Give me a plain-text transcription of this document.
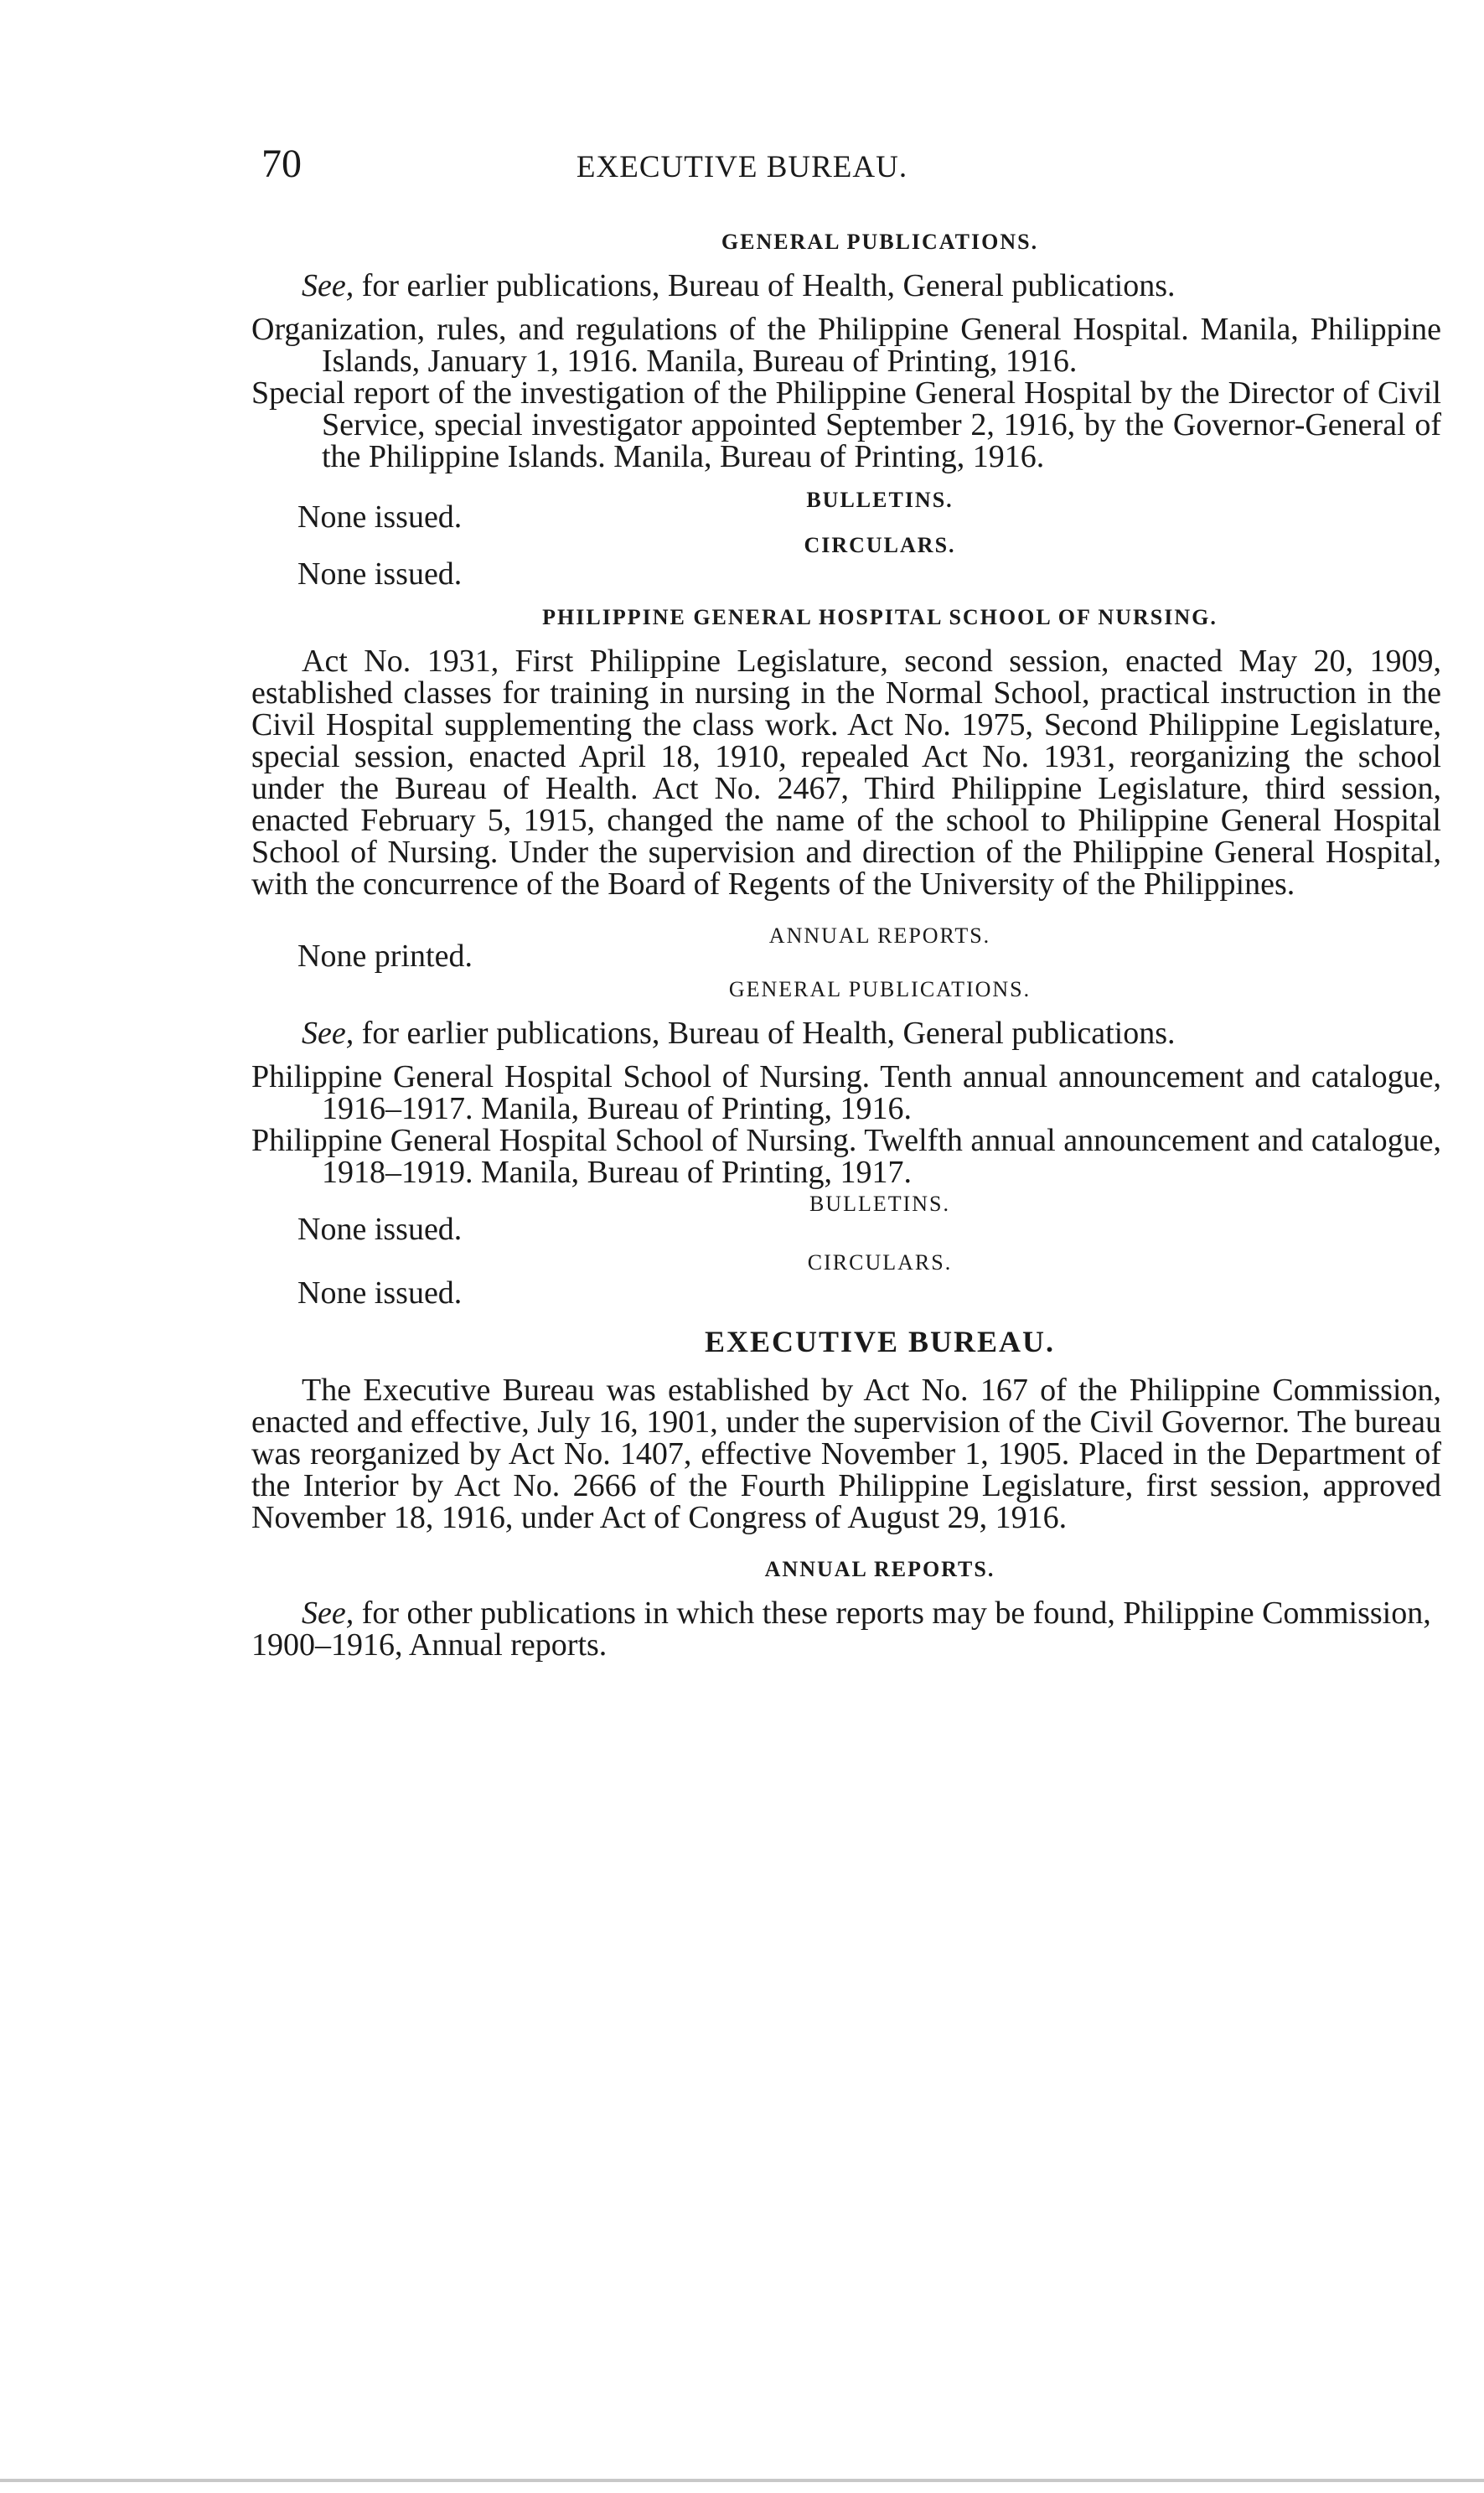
70	EXECUTIVE BUREAU.
GENERAL PUBLICATIONS.

See, for earlier publications, Bureau of Health, General publications.

Organization, rules, and regulations of the Philippine General Hospital. Manila, Philippine Islands, January 1, 1916. Manila, Bureau of Printing, 1916.

Special report of the investigation of the Philippine General Hospital by the Director of Civil Service, special investigator appointed September 2, 1916, by the Governor-General of the Philippine Islands. Manila, Bureau of Printing, 1916.

BULLETINS.

None issued.

CIRCULARS.

None issued.

PHILIPPINE GENERAL HOSPITAL SCHOOL OF NURSING.

Act No. 1931, First Philippine Legislature, second session, enacted May 20, 1909, established classes for training in nursing in the Normal School, practical instruction in the Civil Hospital supplementing the class work. Act No. 1975, Second Philippine Legislature, special session, enacted April 18, 1910, repealed Act No. 1931, reorganizing the school under the Bureau of Health. Act No. 2467, Third Philippine Legislature, third session, enacted February 5, 1915, changed the name of the school to Philippine General Hospital School of Nursing. Under the supervision and direction of the Philippine General Hospital, with the concurrence of the Board of Regents of the University of the Philippines.

ANNUAL REPORTS.

None printed.

GENERAL PUBLICATIONS.

See, for earlier publications, Bureau of Health, General publications.

Philippine General Hospital School of Nursing. Tenth annual announcement and catalogue, 1916–1917. Manila, Bureau of Printing, 1916.

Philippine General Hospital School of Nursing. Twelfth annual announcement and catalogue, 1918–1919. Manila, Bureau of Printing, 1917.

BULLETINS.

None issued.

CIRCULARS.

None issued.

EXECUTIVE BUREAU.

The Executive Bureau was established by Act No. 167 of the Philippine Commission, enacted and effective, July 16, 1901, under the supervision of the Civil Governor. The bureau was reorganized by Act No. 1407, effective November 1, 1905. Placed in the Department of the Interior by Act No. 2666 of the Fourth Philippine Legislature, first session, approved November 18, 1916, under Act of Congress of August 29, 1916.

ANNUAL REPORTS.

See, for other publications in which these reports may be found, Philippine Commission, 1900–1916, Annual reports.
